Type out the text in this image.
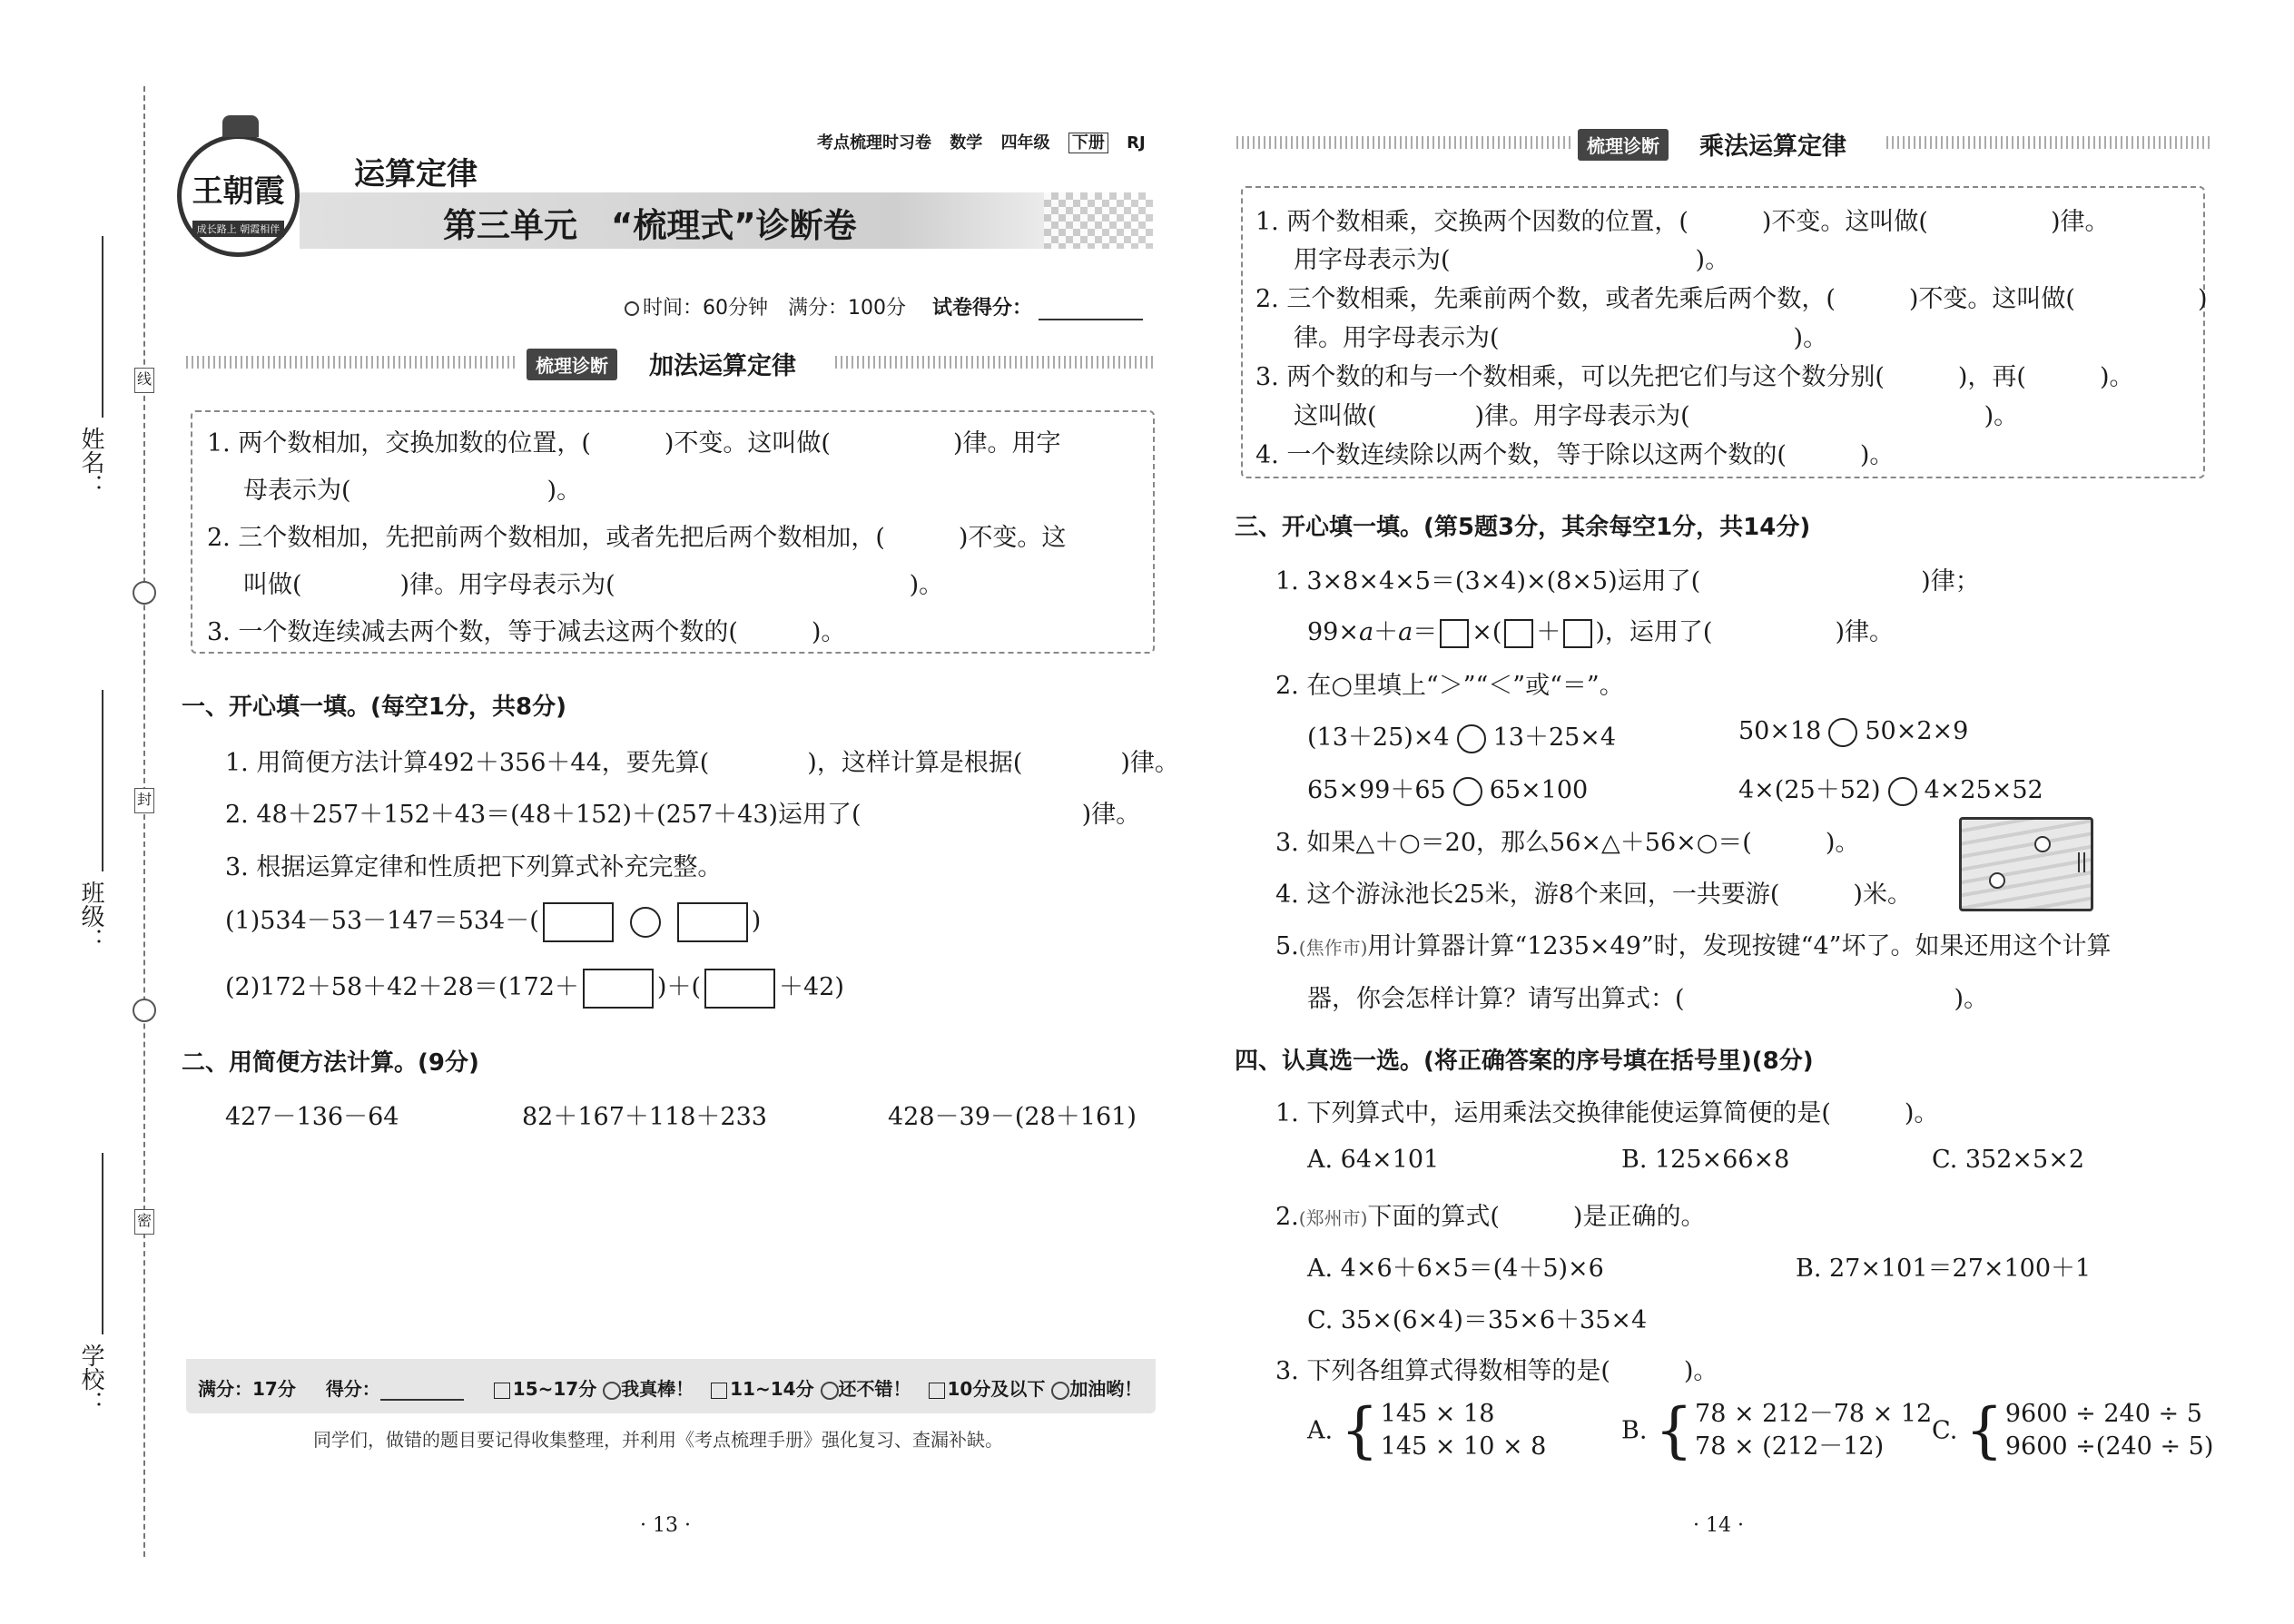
姓名：
班级：
学校：
线
封
密
王朝霞
成长路上 朝霞相伴
考点梳理时习卷 数学 四年级 下册 RJ
运算定律
第三单元　“梳理式”诊断卷
时间：60分钟　满分：100分 试卷得分：
梳理诊断	加法运算定律
1. 两个数相加，交换加数的位置，(　　　)不变。这叫做(　　　　　)律。用字
母表示为(　　　　　　　　)。
2. 三个数相加，先把前两个数相加，或者先把后两个数相加，(　　　)不变。这
叫做(　　　　)律。用字母表示为(　　　　　　　　　　　　)。
3. 一个数连续减去两个数，等于减去这两个数的(　　　)。
一、开心填一填。(每空1分，共8分)
1. 用简便方法计算492＋356＋44，要先算(　　　　)，这样计算是根据(　　　　)律。
2. 48＋257＋152＋43＝(48＋152)＋(257＋43)运用了(　　　　　　　　　)律。
3. 根据运算定律和性质把下列算式补充完整。
(1)534－53－147＝534－(	)
(2)172＋58＋42＋28＝(172＋	)＋(	＋42)
二、用简便方法计算。(9分)
427－136－64	82＋167＋118＋233	428－39－(28＋161)
满分：17分 得分：	15~17分 我真棒！ 11~14分 还不错！ 10分及以下 加油哟！
同学们，做错的题目要记得收集整理，并利用《考点梳理手册》强化复习、查漏补缺。
· 13 ·
梳理诊断	乘法运算定律
1. 两个数相乘，交换两个因数的位置，(　　　)不变。这叫做(　　　　　)律。
用字母表示为(　　　　　　　　　　)。
2. 三个数相乘，先乘前两个数，或者先乘后两个数，(　　　)不变。这叫做(　　　　　)
律。用字母表示为(　　　　　　　　　　　　)。
3. 两个数的和与一个数相乘，可以先把它们与这个数分别(　　　)，再(　　　)。
这叫做(　　　　)律。用字母表示为(　　　　　　　　　　　　)。
4. 一个数连续除以两个数，等于除以这两个数的(　　　)。
三、开心填一填。(第5题3分，其余每空1分，共14分)
1. 3×8×4×5＝(3×4)×(8×5)运用了(　　　　　　　　　)律；
99×a＋a＝ ×( ＋ )，运用了(　　　　　)律。
2. 在○里填上“＞”“＜”或“＝”。
(13＋25)×4 13＋25×4	50×18 50×2×9
65×99＋65 65×100	4×(25＋52) 4×25×52
3. 如果△＋○＝20，那么56×△＋56×○＝(　　　)。
4. 这个游泳池长25米，游8个来回，一共要游(　　　)米。
5.(焦作市)用计算器计算“1235×49”时，发现按键“4”坏了。如果还用这个计算
器，你会怎样计算？请写出算式：(　　　　　　　　　　　)。
四、认真选一选。(将正确答案的序号填在括号里)(8分)
1. 下列算式中，运用乘法交换律能使运算简便的是(　　　)。
A. 64×101	B. 125×66×8	C. 352×5×2
2.(郑州市)下面的算式(　　　)是正确的。
A. 4×6＋6×5＝(4＋5)×6	B. 27×101＝27×100＋1
C. 35×(6×4)＝35×6＋35×4
3. 下列各组算式得数相等的是(　　　)。
A. {145 × 18
145 × 10 × 8
B. {78 × 212－78 × 12
78 × (212－12)
C. {9600 ÷ 240 ÷ 5
9600 ÷(240 ÷ 5)
· 14 ·
